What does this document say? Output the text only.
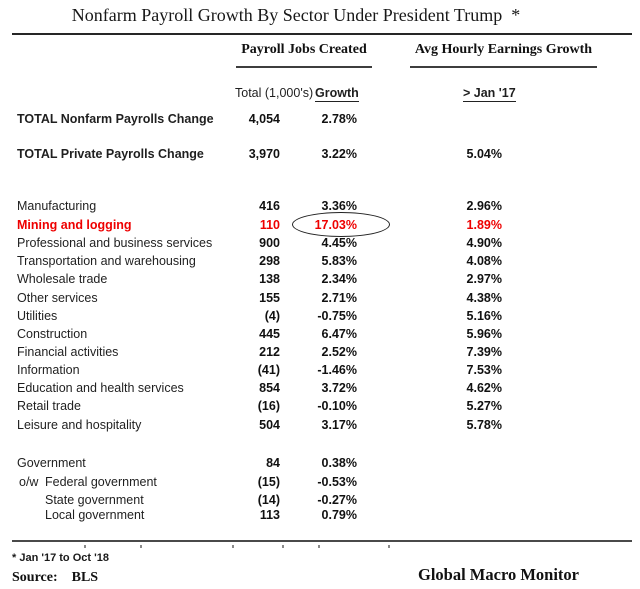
Nonfarm Payroll Growth By Sector Under President Trump  *
Payroll Jobs Created	Avg Hourly Earnings Growth
Total (1,000's) Growth	> Jan '17
TOTAL Nonfarm Payrolls Change	4,054	2.78%
TOTAL Private Payrolls Change	3,970	3.22%	5.04%
Manufacturing	416	3.36%	2.96%
Mining and logging	110	17.03%	1.89%
Professional and business services	900	4.45%	4.90%
Transportation and warehousing	298	5.83%	4.08%
Wholesale trade	138	2.34%	2.97%
Other services	155	2.71%	4.38%
Utilities	(4)	-0.75%	5.16%
Construction	445	6.47%	5.96%
Financial activities	212	2.52%	7.39%
Information	(41)	-1.46%	7.53%
Education and health services	854	3.72%	4.62%
Retail trade	(16)	-0.10%	5.27%
Leisure and hospitality	504	3.17%	5.78%
Government	84	0.38%
o/w Federal government	(15)	-0.53%
State government	(14)	-0.27%
Local government	113	0.79%
* Jan '17 to Oct '18
Source: BLS	Global Macro Monitor
